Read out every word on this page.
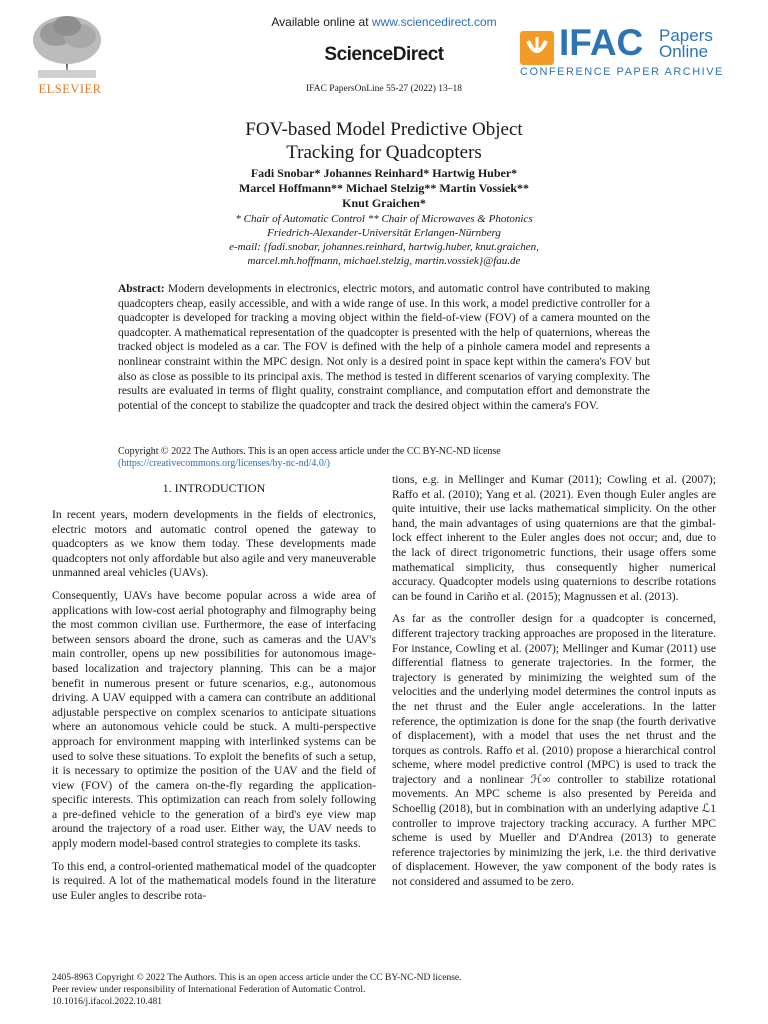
ELSEVIER
Available online at www.sciencedirect.com
ScienceDirect
IFAC PapersOnLine 55-27 (2022) 13–18
IFAC Papers
Online
CONFERENCE PAPER ARCHIVE
FOV-based Model Predictive Object
Tracking for Quadcopters
Fadi Snobar* Johannes Reinhard* Hartwig Huber*
Marcel Hoffmann** Michael Stelzig** Martin Vossiek**
Knut Graichen*
* Chair of Automatic Control ** Chair of Microwaves & Photonics
Friedrich-Alexander-Universität Erlangen-Nürnberg
e-mail: {fadi.snobar, johannes.reinhard, hartwig.huber, knut.graichen,
marcel.mh.hoffmann, michael.stelzig, martin.vossiek}@fau.de
Abstract: Modern developments in electronics, electric motors, and automatic control have contributed to making quadcopters cheap, easily accessible, and with a wide range of use. In this work, a model predictive controller for a quadcopter is developed for tracking a moving object within the field-of-view (FOV) of a camera mounted on the quadcopter. A mathematical representation of the quadcopter is presented with the help of quaternions, whereas the tracked object is modeled as a car. The FOV is defined with the help of a pinhole camera model and represents a nonlinear constraint within the MPC design. Not only is a desired point in space kept within the camera's FOV but also as close as possible to its principal axis. The method is tested in different scenarios of varying complexity. The results are evaluated in terms of flight quality, constraint compliance, and computation effort and demonstrate the potential of the concept to stabilize the quadcopter and track the desired object within the camera's FOV.
Copyright © 2022 The Authors. This is an open access article under the CC BY-NC-ND license
(https://creativecommons.org/licenses/by-nc-nd/4.0/)
1. INTRODUCTION

In recent years, modern developments in the fields of electronics, electric motors and automatic control opened the gateway to quadcopters as we know them today. These developments made quadcopters not only affordable but also agile and very maneuverable unmanned areal vehicles (UAVs).

Consequently, UAVs have become popular across a wide area of applications with low-cost aerial photography and filmography being the most common civilian use. Furthermore, the ease of interfacing between sensors aboard the drone, such as cameras and the UAV's main controller, opens up new possibilities for autonomous image-based localization and trajectory planning. This can be a major benefit in numerous present or future scenarios, e.g., autonomous driving. A UAV equipped with a camera can contribute an additional adjustable perspective on complex scenarios to anticipate situations where an autonomous vehicle could be stuck. A multi-perspective approach for environment mapping with interlinked systems can be used to solve these situations. To exploit the benefits of such a setup, it is necessary to optimize the position of the UAV and the field of view (FOV) of the camera on-the-fly regarding the application-specific interests. This optimization can reach from solely following a pre-defined vehicle to the generation of a bird's eye view map around the trajectory of a road user. Either way, the UAV needs to apply modern model-based control strategies to complete its tasks.

To this end, a control-oriented mathematical model of the quadcopter is required. A lot of the mathematical models found in the literature use Euler angles to describe rota-

tions, e.g. in Mellinger and Kumar (2011); Cowling et al. (2007); Raffo et al. (2010); Yang et al. (2021). Even though Euler angles are quite intuitive, their use lacks mathematical simplicity. On the other hand, the main advantages of using quaternions are that the gimbal-lock effect inherent to the Euler angles does not occur; and, due to the lack of direct trigonometric functions, their usage offers some mathematical simplicity, thus consequently higher numerical accuracy. Quadcopter models using quaternions to describe rotations can be found in Cariño et al. (2015); Magnussen et al. (2013).

As far as the controller design for a quadcopter is concerned, different trajectory tracking approaches are proposed in the literature. For instance, Cowling et al. (2007); Mellinger and Kumar (2011) use differential flatness to generate trajectories. In the former, the trajectory is generated by minimizing the weighted sum of the velocities and the underlying model determines the control inputs as the net thrust and the Euler angle accelerations. In the latter reference, the optimization is done for the snap (the fourth derivative of displacement), with a model that uses the net thrust and the torques as controls. Raffo et al. (2010) propose a hierarchical control scheme, where model predictive control (MPC) is used to track the trajectory and a nonlinear ℋ∞ controller to stabilize rotational movements. An MPC scheme is also presented by Pereida and Schoellig (2018), but in combination with an underlying adaptive ℒ1 controller to improve trajectory tracking accuracy. A further MPC scheme is used by Mueller and D'Andrea (2013) to generate reference trajectories by minimizing the jerk, i.e. the third derivative of displacement. However, the yaw component of the body rates is not considered and assumed to be zero.

2405-8963 Copyright © 2022 The Authors. This is an open access article under the CC BY-NC-ND license.
Peer review under responsibility of International Federation of Automatic Control.
10.1016/j.ifacol.2022.10.481
